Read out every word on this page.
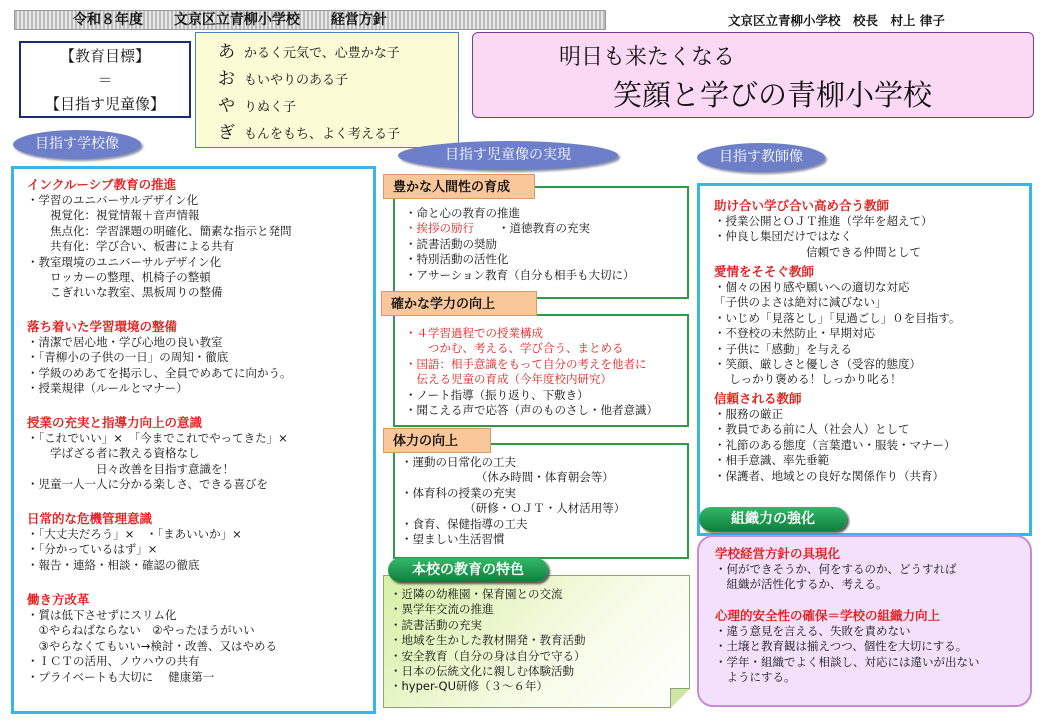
令和８年度 文京区立青柳小学校 経営方針	文京区立青柳小学校　校長　村上 律子
【教育目標】
＝
【目指す児童像】
あ かるく元気で、心豊かな子
お もいやりのある子
や りぬく子
ぎ もんをもち、よく考える子
明日も来たくなる
笑顔と学びの青柳小学校
目指す学校像
目指す児童像の実現	目指す教師像
インクルーシブ教育の推進
・学習のユニバーサルデザイン化
　　視覚化：視覚情報＋音声情報
　　焦点化：学習課題の明確化、簡素な指示と発問
　　共有化：学び合い、板書による共有
・教室環境のユニバーサルデザイン化
　　ロッカーの整理、机椅子の整頓
　　こぎれいな教室、黒板周りの整備
落ち着いた学習環境の整備
・清潔で居心地・学び心地の良い教室
・「青柳小の子供の一日」の周知・徹底
・学級のめあてを掲示し、全員でめあてに向かう。
・授業規律（ルールとマナー）
授業の充実と指導力向上の意識
・「これでいい」×　「今までこれでやってきた」×
　　学ばざる者に教える資格なし
　　　　　　日々改善を目指す意識を！
・児童一人一人に分かる楽しさ、できる喜びを
日常的な危機管理意識
・「大丈夫だろう」×　・「まあいいか」×
・「分かっているはず」×
・報告・連絡・相談・確認の徹底
働き方改革
・質は低下させずにスリム化
　①やらねばならない　②やったほうがいい
　③やらなくてもいい→検討・改善、又はやめる
・ＩＣＴの活用、ノウハウの共有
・プライベートも大切に　 健康第一
・命と心の教育の推進
・挨拶の励行 ・道徳教育の充実
・読書活動の奨励
・特別活動の活性化
・アサーション教育（自分も相手も大切に）
豊かな人間性の育成
・４学習過程での授業構成
　　つかむ、考える、学び合う、まとめる
・国語：相手意識をもって自分の考えを他者に
　伝える児童の育成（今年度校内研究）
・ノート指導（振り返り、下敷き）
・聞こえる声で応答（声のものさし・他者意識）
確かな学力の向上
・運動の日常化の工夫
　　　　　　　（休み時間・体育朝会等）
・体育科の授業の充実
　　　　　　（研修・ＯＪＴ・人材活用等）
・食育、保健指導の工夫
・望ましい生活習慣
体力の向上
・近隣の幼稚園・保育園との交流
・異学年交流の推進
・読書活動の充実
・地域を生かした教材開発・教育活動
・安全教育（自分の身は自分で守る）
・日本の伝統文化に親しむ体験活動
・hyper-QU研修（３～６年）
本校の教育の特色
助け合い学び合い高め合う教師
・授業公開とＯＪＴ推進（学年を超えて）
・仲良し集団だけではなく
　　　　　　　　信頼できる仲間として
愛情をそそぐ教師
・個々の困り感や願いへの適切な対応
「子供のよさは絶対に減びない」
・いじめ「見落とし」「見過ごし」０を目指す。
・不登校の未然防止・早期対応
・子供に「感動」を与える
・笑顔、厳しさと優しさ（受容的態度）
　 しっかり褒める！しっかり叱る！
信頼される教師
・服務の厳正
・教員である前に人（社会人）として
・礼節のある態度（言葉遣い・服装・マナー）
・相手意識、率先垂範
・保護者、地域との良好な関係作り（共育）
学校経営方針の具現化
・何ができそうか、何をするのか、どうすれば
　組織が活性化するか、考える。
心理的安全性の確保＝学校の組織力向上
・違う意見を言える、失敗を責めない
・土壌と教育観は揃えつつ、個性を大切にする。
・学年・組織でよく相談し、対応には違いが出ない
　ようにする。
組織力の強化
